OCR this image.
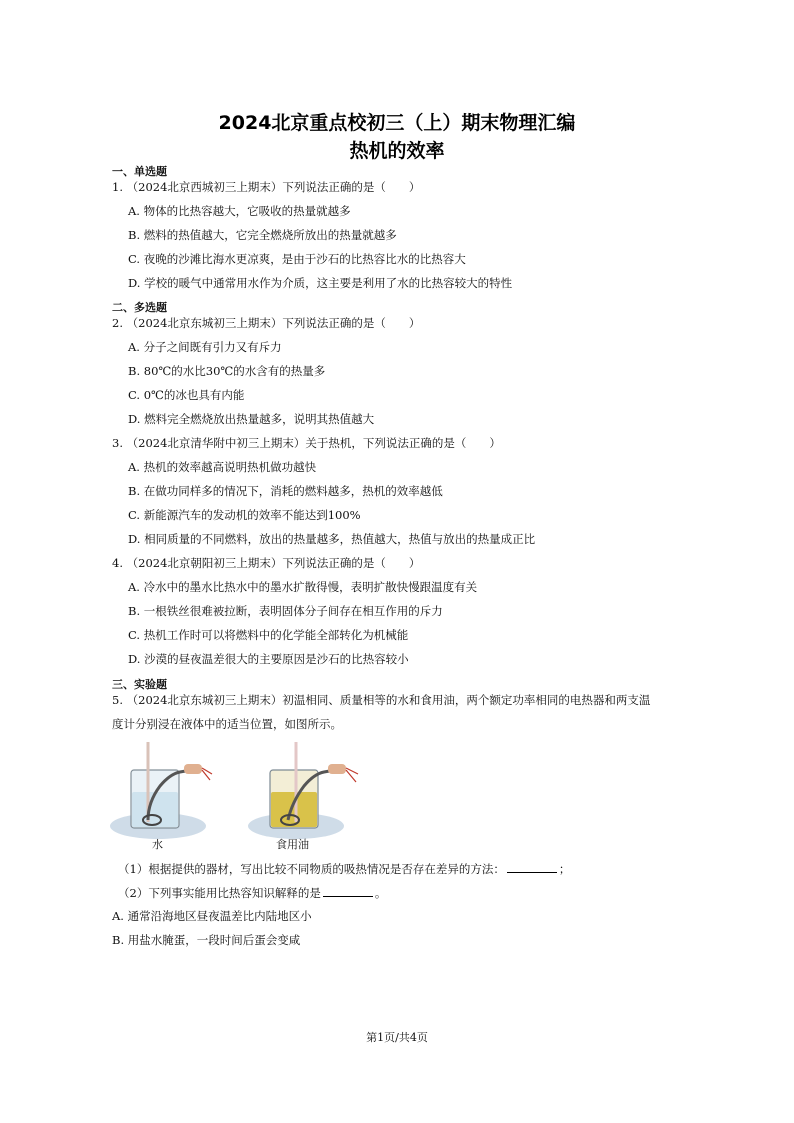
2024北京重点校初三（上）期末物理汇编
热机的效率
一、单选题
1. （2024北京西城初三上期末）下列说法正确的是（　　）
A. 物体的比热容越大，它吸收的热量就越多
B. 燃料的热值越大，它完全燃烧所放出的热量就越多
C. 夜晚的沙滩比海水更凉爽，是由于沙石的比热容比水的比热容大
D. 学校的暖气中通常用水作为介质，这主要是利用了水的比热容较大的特性
二、多选题
2. （2024北京东城初三上期末）下列说法正确的是（　　）
A. 分子之间既有引力又有斥力
B. 80℃的水比30℃的水含有的热量多
C. 0℃的冰也具有内能
D. 燃料完全燃烧放出热量越多，说明其热值越大
3. （2024北京清华附中初三上期末）关于热机，下列说法正确的是（　　）
A. 热机的效率越高说明热机做功越快
B. 在做功同样多的情况下，消耗的燃料越多，热机的效率越低
C. 新能源汽车的发动机的效率不能达到100%
D. 相同质量的不同燃料，放出的热量越多，热值越大，热值与放出的热量成正比
4. （2024北京朝阳初三上期末）下列说法正确的是（　　）
A. 冷水中的墨水比热水中的墨水扩散得慢，表明扩散快慢跟温度有关
B. 一根铁丝很难被拉断，表明固体分子间存在相互作用的斥力
C. 热机工作时可以将燃料中的化学能全部转化为机械能
D. 沙漠的昼夜温差很大的主要原因是沙石的比热容较小
三、实验题
5. （2024北京东城初三上期末）初温相同、质量相等的水和食用油，两个额定功率相同的电热器和两支温
度计分别浸在液体中的适当位置，如图所示。
水	食用油
（1）根据提供的器材，写出比较不同物质的吸热情况是否存在差异的方法：	；
（2）下列事实能用比热容知识解释的是	。
A. 通常沿海地区昼夜温差比内陆地区小
B. 用盐水腌蛋，一段时间后蛋会变咸
第1页/共4页
